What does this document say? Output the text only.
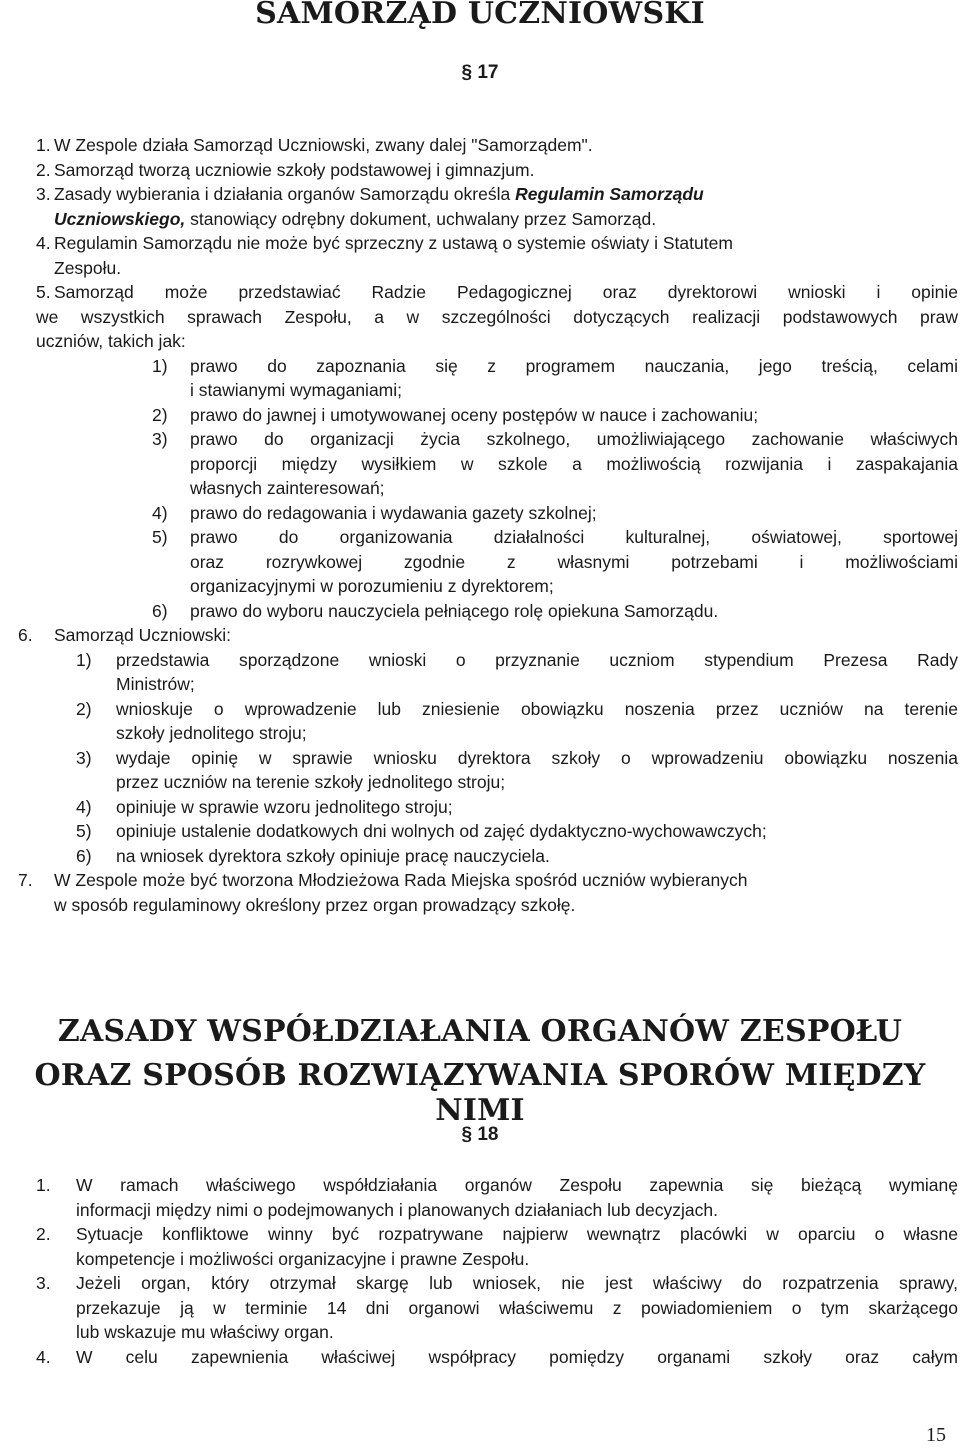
SAMORZĄD UCZNIOWSKI
§ 17
1. W Zespole działa Samorząd Uczniowski, zwany dalej "Samorządem".
2. Samorząd tworzą uczniowie szkoły podstawowej i gimnazjum.
3. Zasady wybierania i działania organów Samorządu określa Regulamin Samorządu
Uczniowskiego, stanowiący odrębny dokument, uchwalany przez Samorząd.
4. Regulamin Samorządu nie może być sprzeczny z ustawą o systemie oświaty i Statutem
Zespołu.
5. Samorząd może przedstawiać Radzie Pedagogicznej oraz dyrektorowi wnioski i opinie
we wszystkich sprawach Zespołu, a w szczególności dotyczących realizacji podstawowych praw
uczniów, takich jak:
1) prawo do zapoznania się z programem nauczania, jego treścią, celami
i stawianymi wymaganiami;
2) prawo do jawnej i umotywowanej oceny postępów w nauce i zachowaniu;
3) prawo do organizacji życia szkolnego, umożliwiającego zachowanie właściwych
proporcji między wysiłkiem w szkole a możliwością rozwijania i zaspakajania
własnych zainteresowań;
4) prawo do redagowania i wydawania gazety szkolnej;
5) prawo do organizowania działalności kulturalnej, oświatowej, sportowej
oraz rozrywkowej zgodnie z własnymi potrzebami i możliwościami
organizacyjnymi w porozumieniu z dyrektorem;
6) prawo do wyboru nauczyciela pełniącego rolę opiekuna Samorządu.
6. Samorząd Uczniowski:
1) przedstawia sporządzone wnioski o przyznanie uczniom stypendium Prezesa Rady
Ministrów;
2) wnioskuje o wprowadzenie lub zniesienie obowiązku noszenia przez uczniów na terenie
szkoły jednolitego stroju;
3) wydaje opinię w sprawie wniosku dyrektora szkoły o wprowadzeniu obowiązku noszenia
przez uczniów na terenie szkoły jednolitego stroju;
4) opiniuje w sprawie wzoru jednolitego stroju;
5) opiniuje ustalenie dodatkowych dni wolnych od zajęć dydaktyczno-wychowawczych;
6) na wniosek dyrektora szkoły opiniuje pracę nauczyciela.
7. W Zespole może być tworzona Młodzieżowa Rada Miejska spośród uczniów wybieranych
w sposób regulaminowy określony przez organ prowadzący szkołę.
ZASADY WSPÓŁDZIAŁANIA ORGANÓW ZESPOŁU
ORAZ SPOSÓB ROZWIĄZYWANIA SPORÓW MIĘDZY NIMI
§ 18
1. W ramach właściwego współdziałania organów Zespołu zapewnia się bieżącą wymianę
informacji między nimi o podejmowanych i planowanych działaniach lub decyzjach.
2. Sytuacje konfliktowe winny być rozpatrywane najpierw wewnątrz placówki w oparciu o własne
kompetencje i możliwości organizacyjne i prawne Zespołu.
3. Jeżeli organ, który otrzymał skargę lub wniosek, nie jest właściwy do rozpatrzenia sprawy,
przekazuje ją w terminie 14 dni organowi właściwemu z powiadomieniem o tym skarżącego
lub wskazuje mu właściwy organ.
4. W celu zapewnienia właściwej współpracy pomiędzy organami szkoły oraz całym
15
